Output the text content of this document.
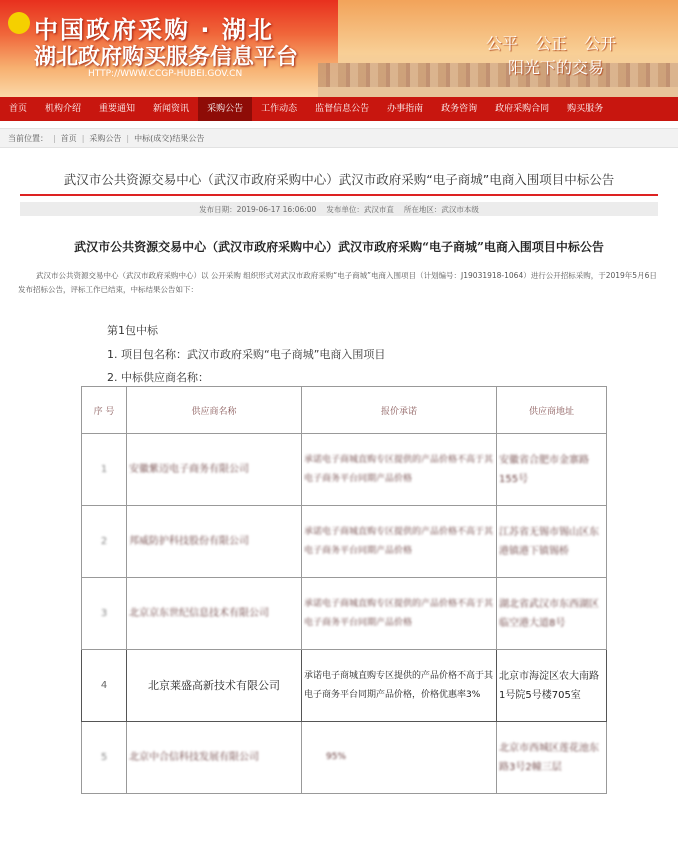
中国政府采购 · 湖北
湖北政府购买服务信息平台
HTTP://WWW.CCGP-HUBEI.GOV.CN
公平 公正 公开
阳光下的交易
首页	机构介绍	重要通知	新闻资讯	采购公告	工作动态	监督信息公告	办事指南	政务咨询	政府采购合同	购买服务
当前位置： | 首页 | 采购公告 | 中标(成交)结果公告
武汉市公共资源交易中心（武汉市政府采购中心）武汉市政府采购“电子商城”电商入围项目中标公告
发布日期：2019-06-17 16:06:00 发布单位：武汉市直 所在地区：武汉市本级
武汉市公共资源交易中心（武汉市政府采购中心）武汉市政府采购“电子商城”电商入围项目中标公告
武汉市公共资源交易中心（武汉市政府采购中心）以 公开采购 组织形式对武汉市政府采购“电子商城”电商入围项目（计划编号：J19031918-1064）进行公开招标采购，于2019年5月6日发布招标公告，评标工作已结束，中标结果公告如下：
第1包中标
1. 项目包名称：武汉市政府采购“电子商城”电商入围项目
2. 中标供应商名称：
序 号	供应商名称	报价承诺	供应商地址
1	安徽紫迈电子商务有限公司	承诺电子商城直购专区提供的产品价格不高于其电子商务平台同期产品价格	安徽省合肥市金寨路155号
2	邦威防护科技股份有限公司	承诺电子商城直购专区提供的产品价格不高于其电子商务平台同期产品价格	江苏省无锡市锡山区东港镇港下镇锡桥
3	北京京东世纪信息技术有限公司	承诺电子商城直购专区提供的产品价格不高于其电子商务平台同期产品价格	湖北省武汉市东西湖区临空港大道8号
4	北京莱盛高新技术有限公司	承诺电子商城直购专区提供的产品价格不高于其电子商务平台同期产品价格，价格优惠率3%	北京市海淀区农大南路1号院5号楼705室
5	北京中合信科技发展有限公司	95%	北京市西城区莲花池东路3号2幢三层
